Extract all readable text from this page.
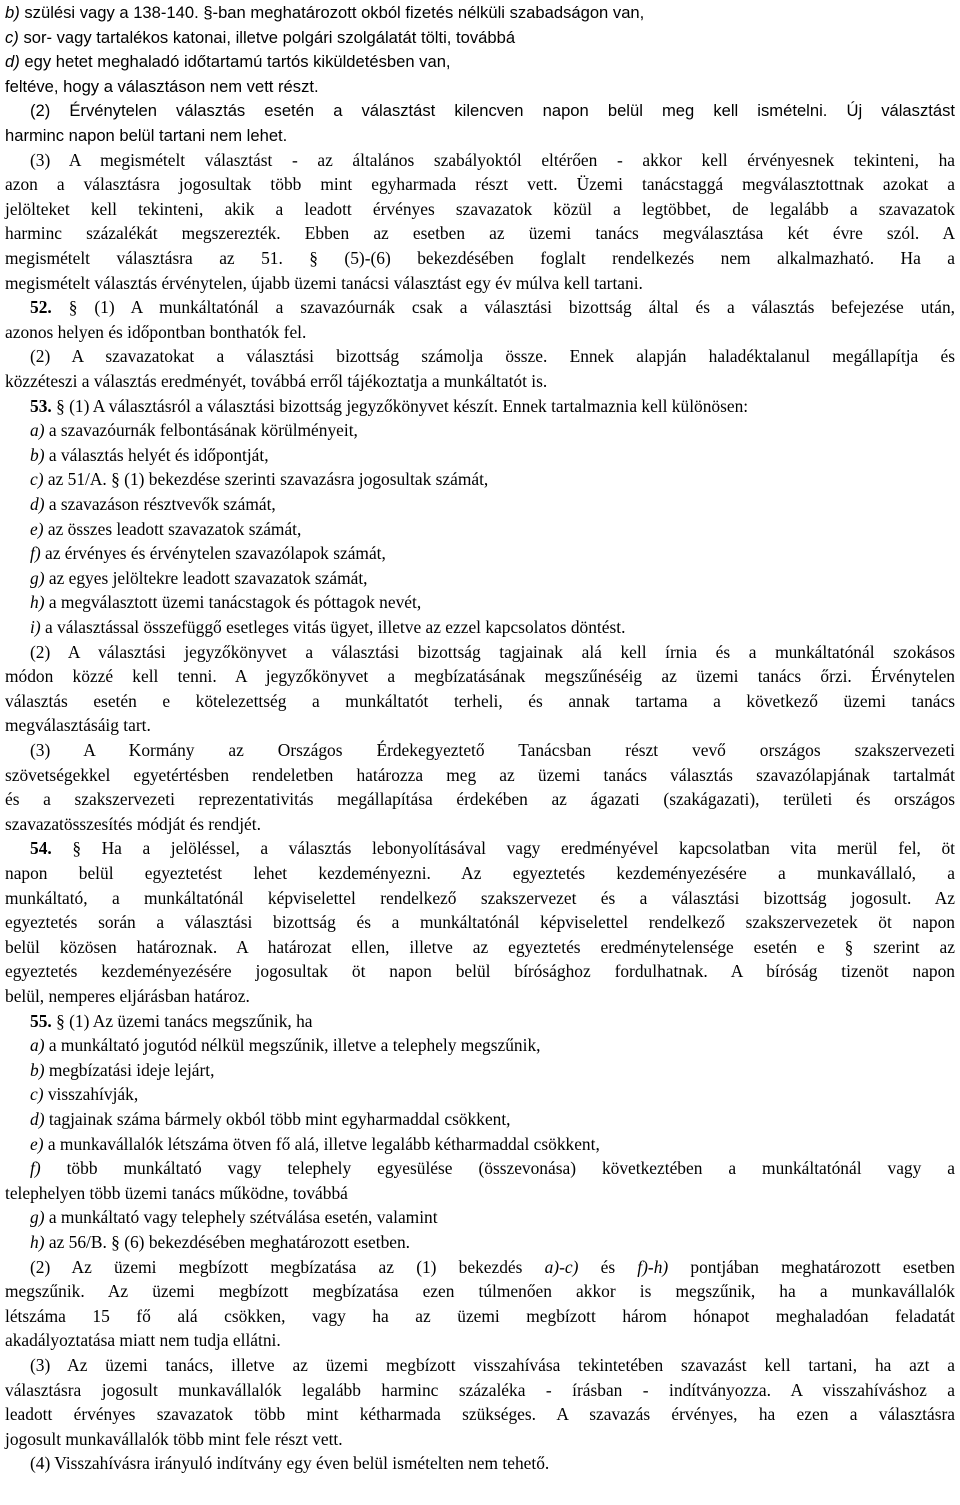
b) szülési vagy a 138-140. §-ban meghatározott okból fizetés nélküli szabadságon van,
c) sor- vagy tartalékos katonai, illetve polgári szolgálatát tölti, továbbá
d) egy hetet meghaladó időtartamú tartós kiküldetésben van,
feltéve, hogy a választáson nem vett részt.
(2) Érvénytelen választás esetén a választást kilencven napon belül meg kell ismételni. Új választást
harminc napon belül tartani nem lehet.
(3) A megismételt választást - az általános szabályoktól eltérően - akkor kell érvényesnek tekinteni, ha
azon a választásra jogosultak több mint egyharmada részt vett. Üzemi tanácstaggá megválasztottnak azokat a
jelölteket kell tekinteni, akik a leadott érvényes szavazatok közül a legtöbbet, de legalább a szavazatok
harminc százalékát megszerezték. Ebben az esetben az üzemi tanács megválasztása két évre szól. A
megismételt választásra az 51. § (5)-(6) bekezdésében foglalt rendelkezés nem alkalmazható. Ha a
megismételt választás érvénytelen, újabb üzemi tanácsi választást egy év múlva kell tartani.
52. § (1) A munkáltatónál a szavazóurnák csak a választási bizottság által és a választás befejezése után,
azonos helyen és időpontban bonthatók fel.
(2) A szavazatokat a választási bizottság számolja össze. Ennek alapján haladéktalanul megállapítja és
közzéteszi a választás eredményét, továbbá erről tájékoztatja a munkáltatót is.
53. § (1) A választásról a választási bizottság jegyzőkönyvet készít. Ennek tartalmaznia kell különösen:
a) a szavazóurnák felbontásának körülményeit,
b) a választás helyét és időpontját,
c) az 51/A. § (1) bekezdése szerinti szavazásra jogosultak számát,
d) a szavazáson résztvevők számát,
e) az összes leadott szavazatok számát,
f) az érvényes és érvénytelen szavazólapok számát,
g) az egyes jelöltekre leadott szavazatok számát,
h) a megválasztott üzemi tanácstagok és póttagok nevét,
i) a választással összefüggő esetleges vitás ügyet, illetve az ezzel kapcsolatos döntést.
(2) A választási jegyzőkönyvet a választási bizottság tagjainak alá kell írnia és a munkáltatónál szokásos
módon közzé kell tenni. A jegyzőkönyvet a megbízatásának megszűnéséig az üzemi tanács őrzi. Érvénytelen
választás esetén e kötelezettség a munkáltatót terheli, és annak tartama a következő üzemi tanács
megválasztásáig tart.
(3) A Kormány az Országos Érdekegyeztető Tanácsban részt vevő országos szakszervezeti
szövetségekkel egyetértésben rendeletben határozza meg az üzemi tanács választás szavazólapjának tartalmát
és a szakszervezeti reprezentativitás megállapítása érdekében az ágazati (szakágazati), területi és országos
szavazatösszesítés módját és rendjét.
54. § Ha a jelöléssel, a választás lebonyolításával vagy eredményével kapcsolatban vita merül fel, öt
napon belül egyeztetést lehet kezdeményezni. Az egyeztetés kezdeményezésére a munkavállaló, a
munkáltató, a munkáltatónál képviselettel rendelkező szakszervezet és a választási bizottság jogosult. Az
egyeztetés során a választási bizottság és a munkáltatónál képviselettel rendelkező szakszervezetek öt napon
belül közösen határoznak. A határozat ellen, illetve az egyeztetés eredménytelensége esetén e § szerint az
egyeztetés kezdeményezésére jogosultak öt napon belül bírósághoz fordulhatnak. A bíróság tizenöt napon
belül, nemperes eljárásban határoz.
55. § (1) Az üzemi tanács megszűnik, ha
a) a munkáltató jogutód nélkül megszűnik, illetve a telephely megszűnik,
b) megbízatási ideje lejárt,
c) visszahívják,
d) tagjainak száma bármely okból több mint egyharmaddal csökkent,
e) a munkavállalók létszáma ötven fő alá, illetve legalább kétharmaddal csökkent,
f) több munkáltató vagy telephely egyesülése (összevonása) következtében a munkáltatónál vagy a
telephelyen több üzemi tanács működne, továbbá
g) a munkáltató vagy telephely szétválása esetén, valamint
h) az 56/B. § (6) bekezdésében meghatározott esetben.
(2) Az üzemi megbízott megbízatása az (1) bekezdés a)-c) és f)-h) pontjában meghatározott esetben
megszűnik. Az üzemi megbízott megbízatása ezen túlmenően akkor is megszűnik, ha a munkavállalók
létszáma 15 fő alá csökken, vagy ha az üzemi megbízott három hónapot meghaladóan feladatát
akadályoztatása miatt nem tudja ellátni.
(3) Az üzemi tanács, illetve az üzemi megbízott visszahívása tekintetében szavazást kell tartani, ha azt a
választásra jogosult munkavállalók legalább harminc százaléka - írásban - indítványozza. A visszahíváshoz a
leadott érvényes szavazatok több mint kétharmada szükséges. A szavazás érvényes, ha ezen a választásra
jogosult munkavállalók több mint fele részt vett.
(4) Visszahívásra irányuló indítvány egy éven belül ismételten nem tehető.
